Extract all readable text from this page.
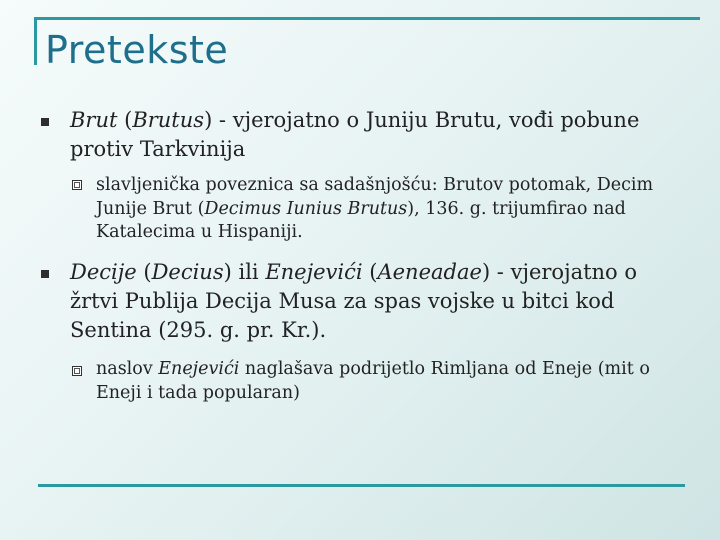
Pretekste
Brut (Brutus) - vjerojatno o Juniju Brutu, vođi pobune protiv Tarkvinija
slavljenička poveznica sa sadašnjošću: Brutov potomak, Decim Junije Brut (Decimus Iunius Brutus), 136. g. trijumfirao nad Katalecima u Hispaniji.
Decije (Decius) ili Enejevići (Aeneadae) - vjerojatno o žrtvi Publija Decija Musa za spas vojske u bitci kod Sentina (295. g. pr. Kr.).
naslov Enejevići naglašava podrijetlo Rimljana od Eneje (mit o Eneji i tada popularan)
